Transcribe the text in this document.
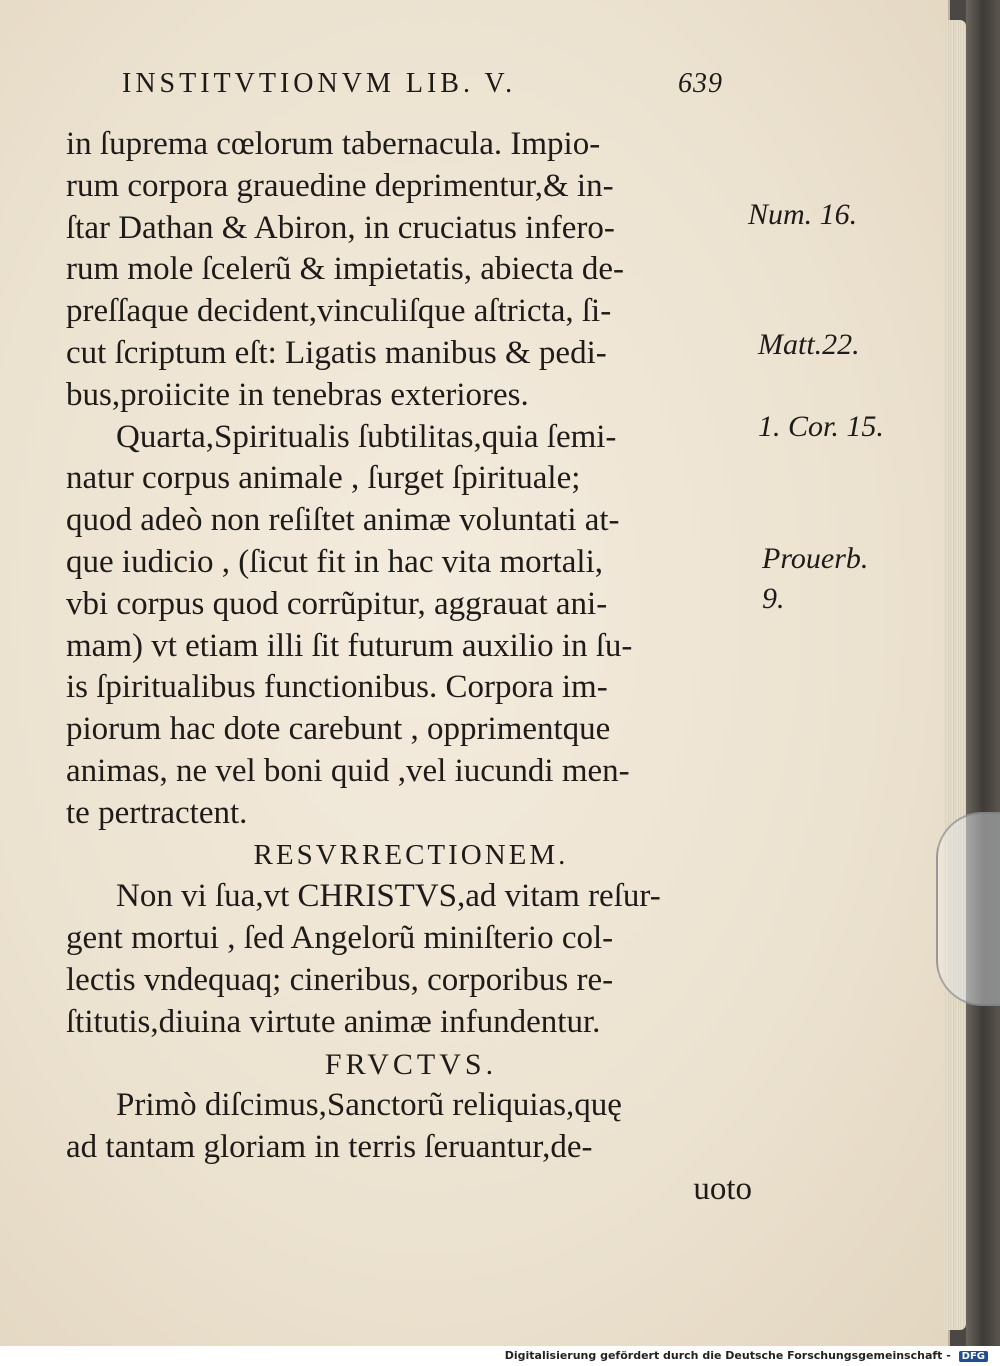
INSTITVTIONVM LIB. V.	639
in ſuprema cœlorum tabernacula. Impio-
rum corpora grauedine deprimentur,& in-
ſtar Dathan & Abiron, in cruciatus infero-
rum mole ſcelerũ & impietatis, abiecta de-
preſſaque decident,vinculiſque aſtricta, ſi-
cut ſcriptum eſt: Ligatis manibus & pedi-
bus,proiicite in tenebras exteriores.
Quarta,Spiritualis ſubtilitas,quia ſemi-
natur corpus animale , ſurget ſpirituale;
quod adeò non reſiſtet animæ voluntati at-
que iudicio , (ſicut fit in hac vita mortali,
vbi corpus quod corrũpitur, aggrauat ani-
mam) vt etiam illi ſit futurum auxilio in ſu-
is ſpiritualibus functionibus. Corpora im-
piorum hac dote carebunt , opprimentque
animas, ne vel boni quid ,vel iucundi men-
te pertractent.
RESVRRECTIONEM.
Non vi ſua,vt CHRISTVS,ad vitam reſur-
gent mortui , ſed Angelorũ miniſterio col-
lectis vndequaq; cineribus, corporibus re-
ſtitutis,diuina virtute animæ infundentur.
FRVCTVS.
Primò diſcimus,Sanctorũ reliquias,quę
ad tantam gloriam in terris ſeruantur,de-
uoto
Num. 16.
Matt.22.
1. Cor. 15.
Prouerb.
9.
Digitalisierung gefördert durch die Deutsche Forschungsgemeinschaft - DFG
